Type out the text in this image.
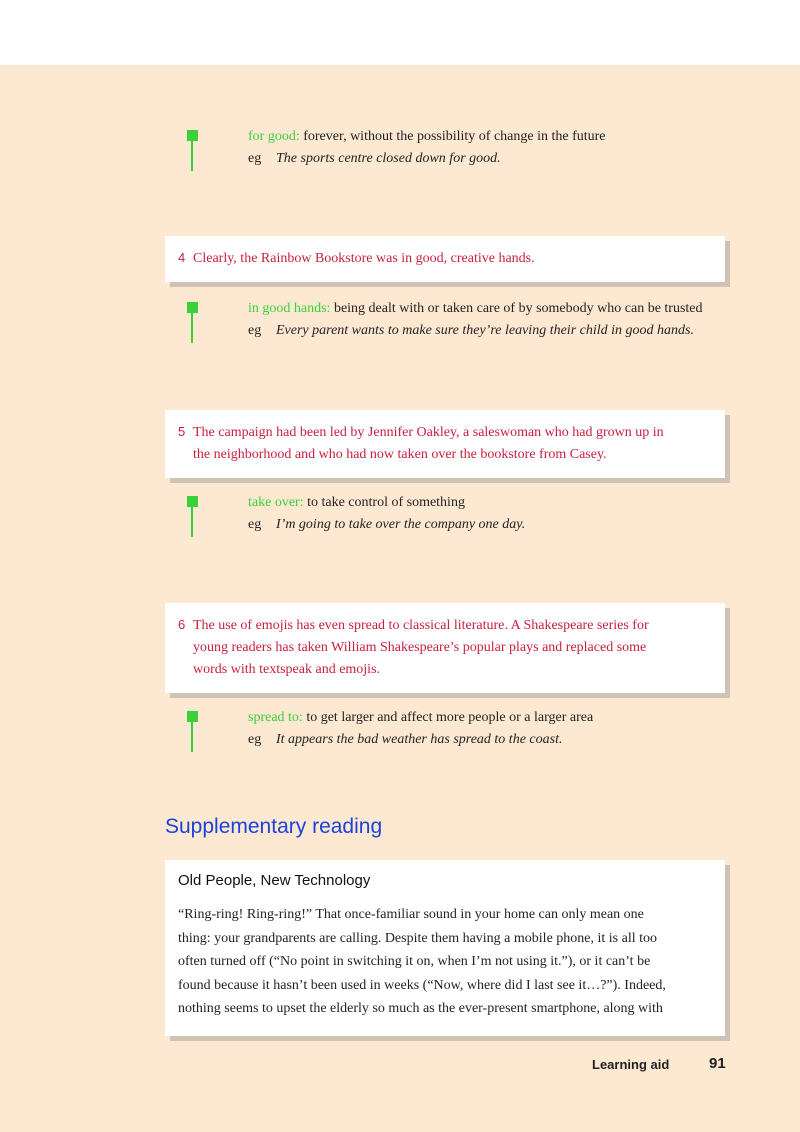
for good: forever, without the possibility of change in the future
eg The sports centre closed down for good.
4 Clearly, the Rainbow Bookstore was in good, creative hands.
in good hands: being dealt with or taken care of by somebody who can be trusted
eg Every parent wants to make sure they’re leaving their child in good hands.
5 The campaign had been led by Jennifer Oakley, a saleswoman who had grown up in
the neighborhood and who had now taken over the bookstore from Casey.
take over: to take control of something
eg I’m going to take over the company one day.
6 The use of emojis has even spread to classical literature. A Shakespeare series for
young readers has taken William Shakespeare’s popular plays and replaced some
words with textspeak and emojis.
spread to: to get larger and affect more people or a larger area
eg It appears the bad weather has spread to the coast.
Supplementary reading
Old People, New Technology
“Ring-ring! Ring-ring!” That once-familiar sound in your home can only mean one
thing: your grandparents are calling. Despite them having a mobile phone, it is all too
often turned off (“No point in switching it on, when I’m not using it.”), or it can’t be
found because it hasn’t been used in weeks (“Now, where did I last see it…?”). Indeed,
nothing seems to upset the elderly so much as the ever-present smartphone, along with
Learning aid	91
